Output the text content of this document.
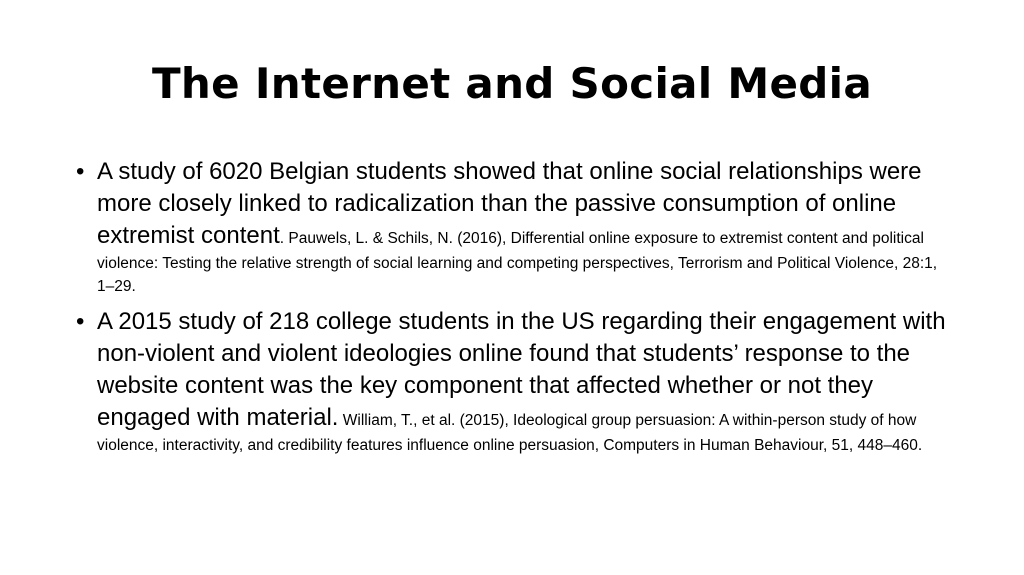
The Internet and Social Media
• A study of 6020 Belgian students showed that online social relationships were more closely linked to radicalization than the passive consumption of online extremist content. Pauwels, L. & Schils, N. (2016), Differential online exposure to extremist content and political violence: Testing the relative strength of social learning and competing perspectives, Terrorism and Political Violence, 28:1, 1–29.
• A 2015 study of 218 college students in the US regarding their engagement with non-violent and violent ideologies online found that students’ response to the website content was the key component that affected whether or not they engaged with material. William, T., et al. (2015), Ideological group persuasion: A within-person study of how violence, interactivity, and credibility features influence online persuasion, Computers in Human Behaviour, 51, 448–460.
